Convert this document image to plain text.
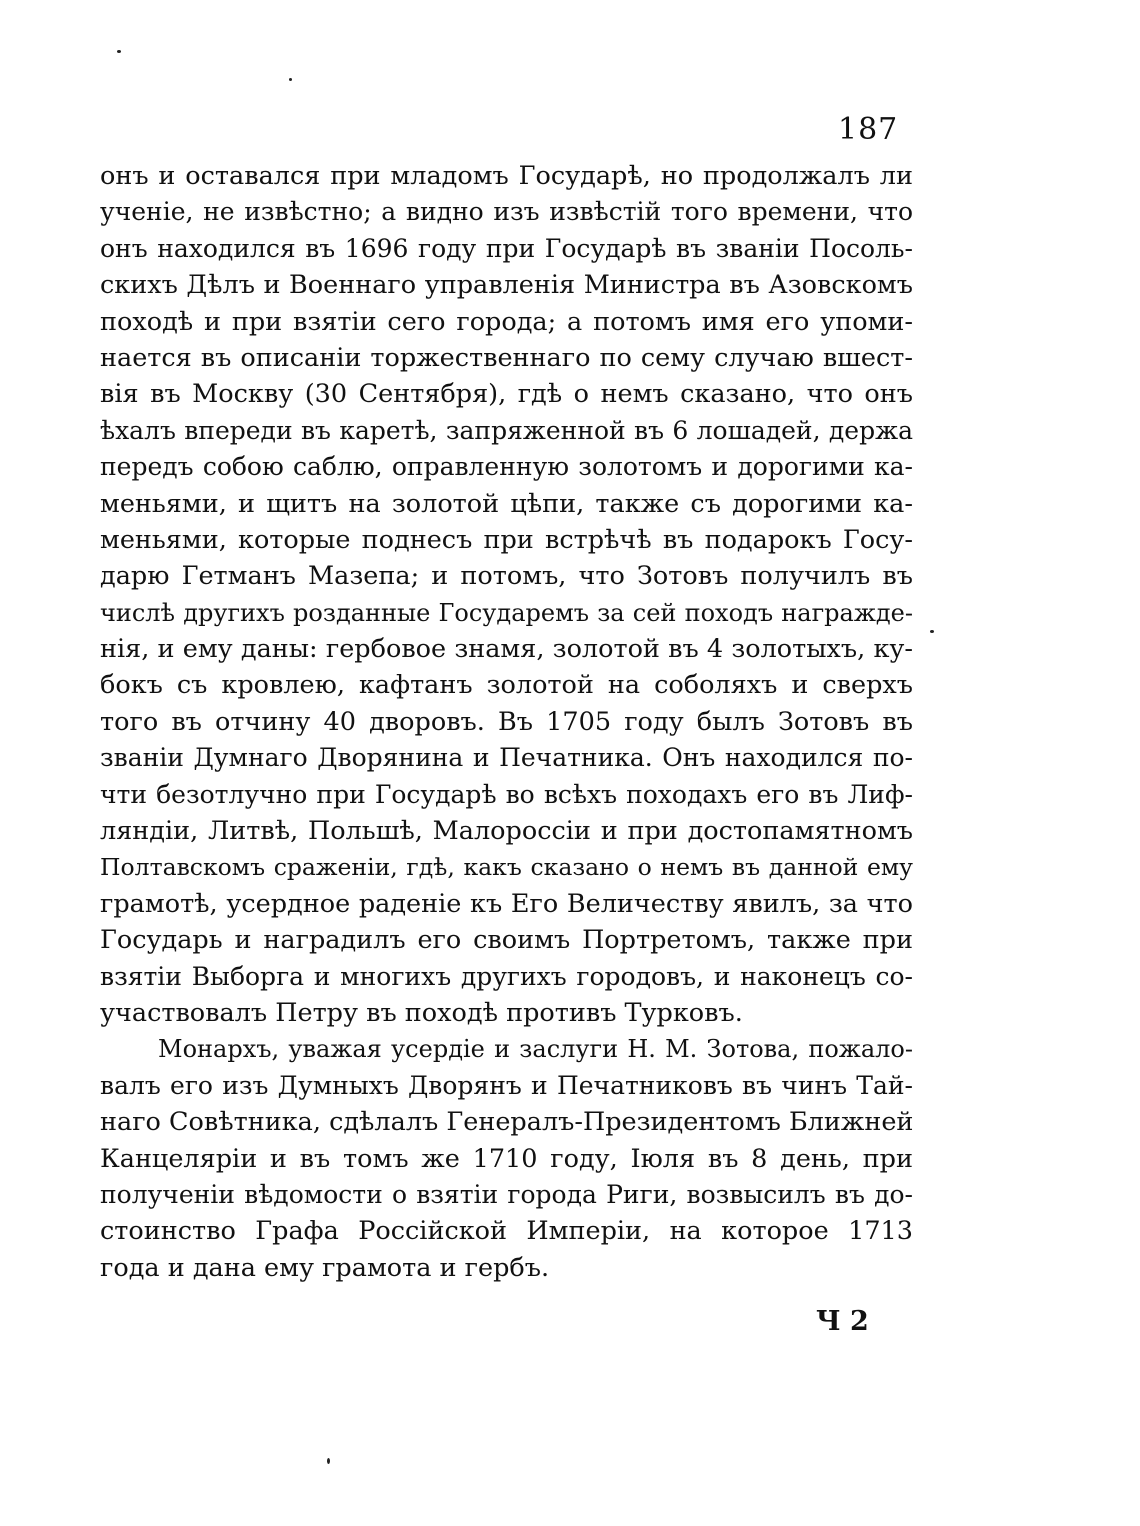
187
онъ и оставался при младомъ Государѣ, но продолжалъ ли
ученіе, не извѣстно; а видно изъ извѣстій того времени, что
онъ находился въ 1696 году при Государѣ въ званіи Посоль-
скихъ Дѣлъ и Военнаго управленія Министра въ Азовскомъ
походѣ и при взятіи сего города; а потомъ имя его упоми-
нается въ описаніи торжественнаго по сему случаю вшест-
вія въ Москву (30 Сентября), гдѣ о немъ сказано, что онъ
ѣхалъ впереди въ каретѣ, запряженной въ 6 лошадей, держа
передъ собою саблю, оправленную золотомъ и дорогими ка-
меньями, и щитъ на золотой цѣпи, также съ дорогими ка-
меньями, которые поднесъ при встрѣчѣ въ подарокъ Госу-
дарю Гетманъ Мазепа; и потомъ, что Зотовъ получилъ въ
числѣ другихъ розданные Государемъ за сей походъ награжде-
нія, и ему даны: гербовое знамя, золотой въ 4 золотыхъ, ку-
бокъ съ кровлею, кафтанъ золотой на соболяхъ и сверхъ
того въ отчину 40 дворовъ. Въ 1705 году былъ Зотовъ въ
званіи Думнаго Дворянина и Печатника. Онъ находился по-
чти безотлучно при Государѣ во всѣхъ походахъ его въ Лиф-
ляндіи, Литвѣ, Польшѣ, Малороссіи и при достопамятномъ
Полтавскомъ сраженіи, гдѣ, какъ сказано о немъ въ данной ему
грамотѣ, усердное раденіе къ Его Величеству явилъ, за что
Государь и наградилъ его своимъ Портретомъ, также при
взятіи Выборга и многихъ другихъ городовъ, и наконецъ со-
участвовалъ Петру въ походѣ противъ Турковъ.
Монархъ, уважая усердіе и заслуги Н. М. Зотова, пожало-
валъ его изъ Думныхъ Дворянъ и Печатниковъ въ чинъ Тай-
наго Совѣтника, сдѣлалъ Генералъ-Президентомъ Ближней
Канцеляріи и въ томъ же 1710 году, Іюля въ 8 день, при
полученіи вѣдомости о взятіи города Риги, возвысилъ въ до-
стоинство Графа Россійской Имперіи, на которое 1713
года и дана ему грамота и гербъ.
Ч 2
